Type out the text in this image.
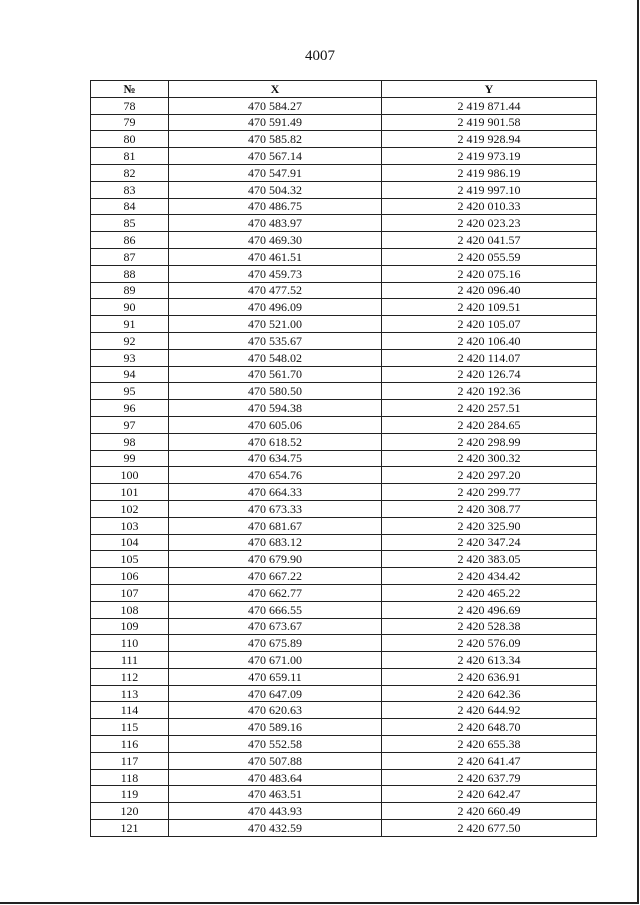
4007
№	X	Y
78	470 584.27	2 419 871.44
79	470 591.49	2 419 901.58
80	470 585.82	2 419 928.94
81	470 567.14	2 419 973.19
82	470 547.91	2 419 986.19
83	470 504.32	2 419 997.10
84	470 486.75	2 420 010.33
85	470 483.97	2 420 023.23
86	470 469.30	2 420 041.57
87	470 461.51	2 420 055.59
88	470 459.73	2 420 075.16
89	470 477.52	2 420 096.40
90	470 496.09	2 420 109.51
91	470 521.00	2 420 105.07
92	470 535.67	2 420 106.40
93	470 548.02	2 420 114.07
94	470 561.70	2 420 126.74
95	470 580.50	2 420 192.36
96	470 594.38	2 420 257.51
97	470 605.06	2 420 284.65
98	470 618.52	2 420 298.99
99	470 634.75	2 420 300.32
100	470 654.76	2 420 297.20
101	470 664.33	2 420 299.77
102	470 673.33	2 420 308.77
103	470 681.67	2 420 325.90
104	470 683.12	2 420 347.24
105	470 679.90	2 420 383.05
106	470 667.22	2 420 434.42
107	470 662.77	2 420 465.22
108	470 666.55	2 420 496.69
109	470 673.67	2 420 528.38
110	470 675.89	2 420 576.09
111	470 671.00	2 420 613.34
112	470 659.11	2 420 636.91
113	470 647.09	2 420 642.36
114	470 620.63	2 420 644.92
115	470 589.16	2 420 648.70
116	470 552.58	2 420 655.38
117	470 507.88	2 420 641.47
118	470 483.64	2 420 637.79
119	470 463.51	2 420 642.47
120	470 443.93	2 420 660.49
121	470 432.59	2 420 677.50
